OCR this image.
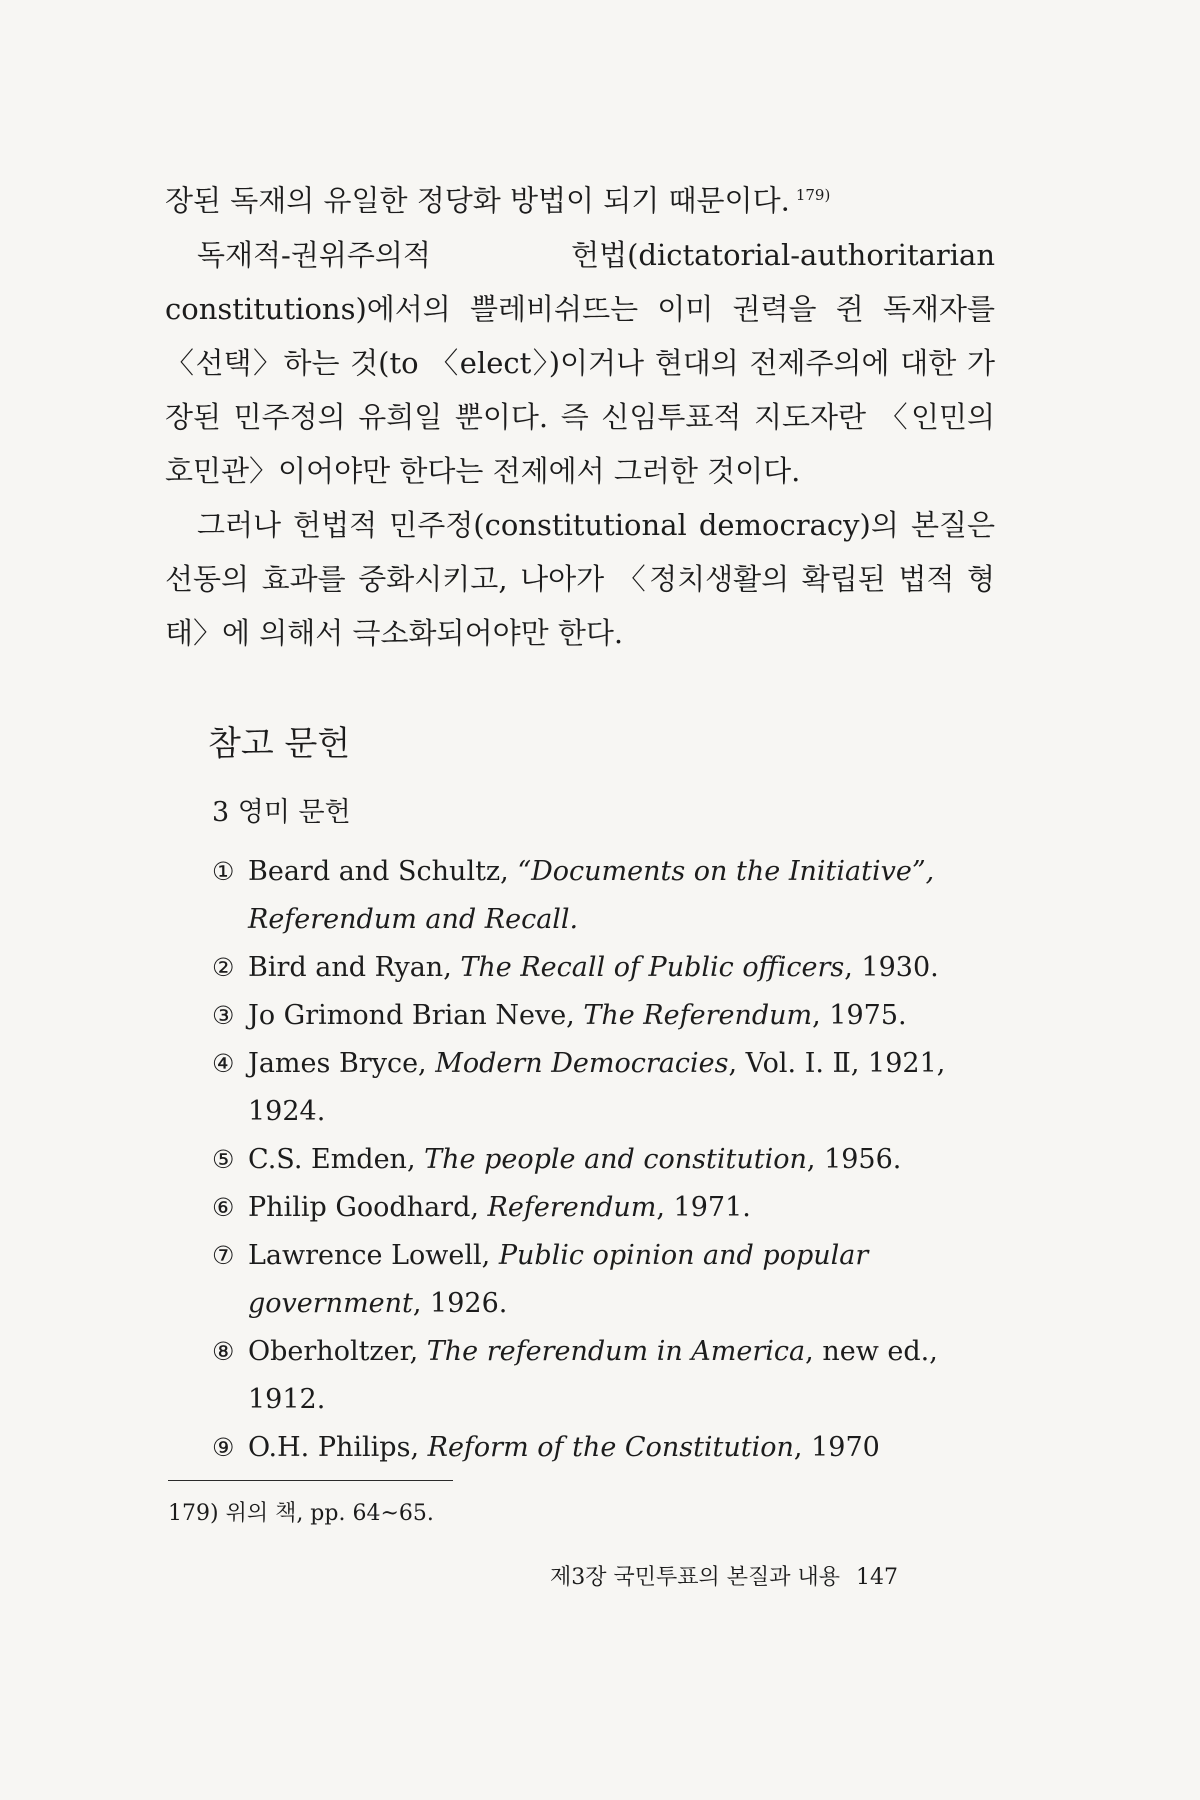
장된 독재의 유일한 정당화 방법이 되기 때문이다. $^{179)}$

독재적-권위주의적 헌법(dictatorial-authoritarian constitutions)에서의 쁠레비쉬뜨는 이미 권력을 쥔 독재자를 〈선택〉하는 것(to 〈elect〉)이거나 현대의 전제주의에 대한 가장된 민주정의 유희일 뿐이다. 즉 신임투표적 지도자란 〈인민의 호민관〉이어야만 한다는 전제에서 그러한 것이다.

그러나 헌법적 민주정(constitutional democracy)의 본질은 선동의 효과를 중화시키고, 나아가 〈정치생활의 확립된 법적 형태〉에 의해서 극소화되어야만 한다.

참고 문헌
3 영미 문헌
① Beard and Schultz, “Documents on the Initiative”, Referendum and Recall.
② Bird and Ryan, The Recall of Public officers, 1930.
③ Jo Grimond Brian Neve, The Referendum, 1975.
④ James Bryce, Modern Democracies, Vol. Ⅰ. Ⅱ, 1921, 1924.
⑤ C.S. Emden, The people and constitution, 1956.
⑥ Philip Goodhard, Referendum, 1971.
⑦ Lawrence Lowell, Public opinion and popular government, 1926.
⑧ Oberholtzer, The referendum in America, new ed., 1912.
⑨ O.H. Philips, Reform of the Constitution, 1970
179) 위의 책, pp. 64~65.
제3장 국민투표의 본질과 내용 147
